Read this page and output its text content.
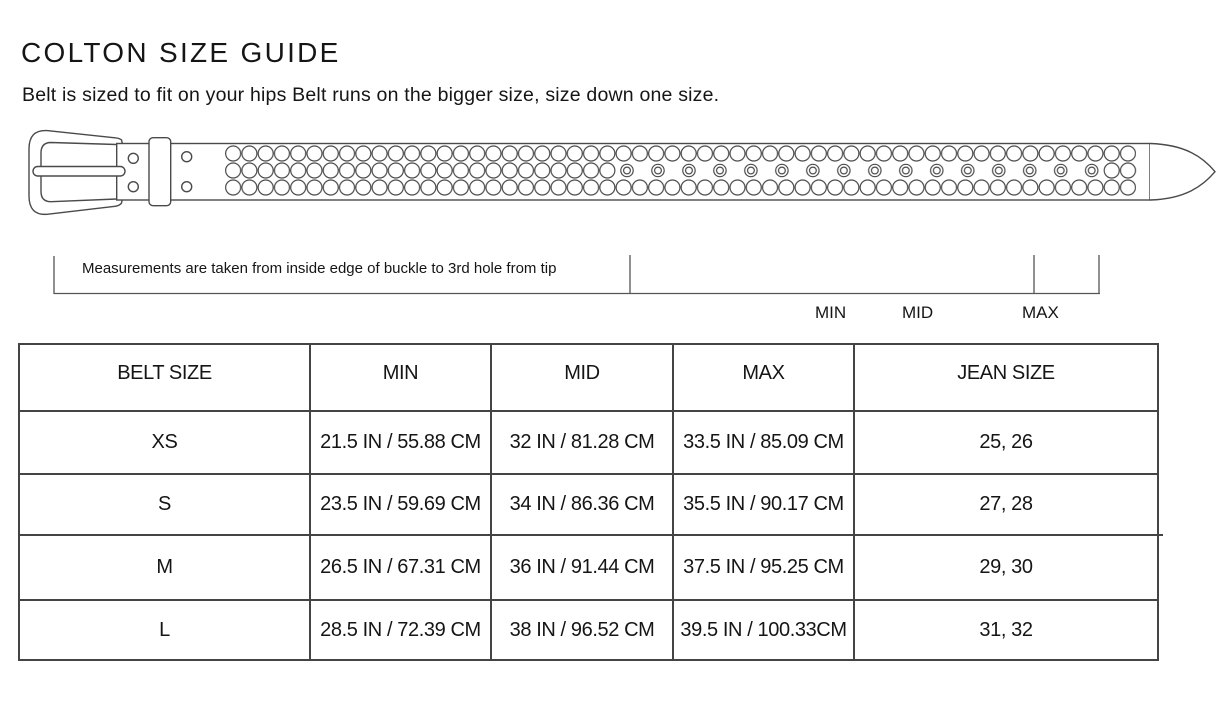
COLTON SIZE GUIDE

Belt is sized to fit on your hips Belt runs on the bigger size, size down one size.

Measurements are taken from inside edge of buckle to 3rd hole from tip
MIN	MID	MAX
BELT SIZE	MIN	MID	MAX	JEAN SIZE
XS	21.5 IN / 55.88 CM	32 IN / 81.28 CM	33.5 IN / 85.09 CM	25, 26
S	23.5 IN / 59.69 CM	34 IN / 86.36 CM	35.5 IN / 90.17 CM	27, 28
M	26.5 IN / 67.31 CM	36 IN / 91.44 CM	37.5 IN / 95.25 CM	29, 30
L	28.5 IN / 72.39 CM	38 IN / 96.52 CM	39.5 IN / 100.33CM	31, 32
